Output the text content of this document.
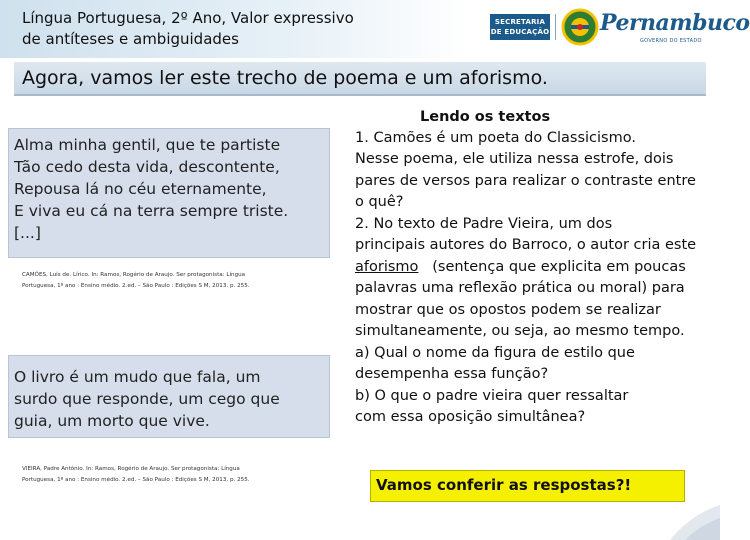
Língua Portuguesa, 2º Ano, Valor expressivo
de antíteses e ambiguidades
SECRETARIA
DE EDUCAÇÃO Pernambuco
GOVERNO DO ESTADO
Agora, vamos ler este trecho de poema e um aforismo.
Alma minha gentil, que te partiste
Tão cedo desta vida, descontente,
Repousa lá no céu eternamente,
E viva eu cá na terra sempre triste.
[...]
CAMÕES, Luís de. Lírico. In: Ramos, Rogério de Araujo. Ser protagonista: Língua
Portuguesa, 1º ano : Ensino médio. 2.ed. – São Paulo : Edições S M, 2013. p. 255.
O livro é um mudo que fala, um
surdo que responde, um cego que
guia, um morto que vive.
VIEIRA, Padre Antônio. In: Ramos, Rogério de Araujo. Ser protagonista: Língua
Portuguesa, 1º ano : Ensino médio. 2.ed. – São Paulo : Edições S M, 2013. p. 255.
Lendo os textos
1. Camões é um poeta do Classicismo.
Nesse poema, ele utiliza nessa estrofe, dois
pares de versos para realizar o contraste entre
o quê?
2. No texto de Padre Vieira, um dos
principais autores do Barroco, o autor cria este
aforismo (sentença que explicita em poucas
palavras uma reflexão prática ou moral) para
mostrar que os opostos podem se realizar
simultaneamente, ou seja, ao mesmo tempo.
a) Qual o nome da figura de estilo que
desempenha essa função?
b) O que o padre vieira quer ressaltar
com essa oposição simultânea?
Vamos conferir as respostas?!
